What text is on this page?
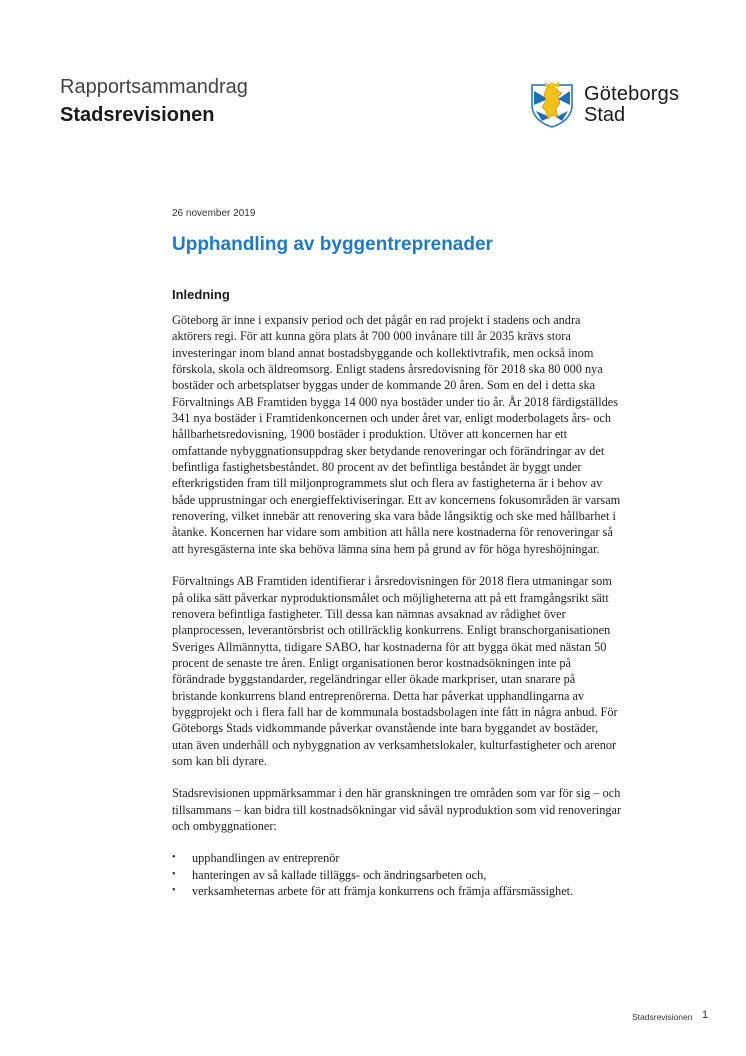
Rapportsammandrag
Stadsrevisionen
Göteborgs
Stad
26 november 2019
Upphandling av byggentreprenader
Inledning

Göteborg är inne i expansiv period och det pågår en rad projekt i stadens och andra aktörers regi. För att kunna göra plats åt 700 000 invånare till år 2035 krävs stora investeringar inom bland annat bostadsbyggande och kollektivtrafik, men också inom förskola, skola och äldreomsorg. Enligt stadens årsredovisning för 2018 ska 80 000 nya bostäder och arbetsplatser byggas under de kommande 20 åren. Som en del i detta ska Förvaltnings AB Framtiden bygga 14 000 nya bostäder under tio år. År 2018 färdigställdes 341 nya bostäder i Framtidenkoncernen och under året var, enligt moderbolagets års- och hållbarhetsredovisning, 1900 bostäder i produktion. Utöver att koncernen har ett omfattande nybyggnationsuppdrag sker betydande renoveringar och förändringar av det befintliga fastighetsbeståndet. 80 procent av det befintliga beståndet är byggt under efterkrigstiden fram till miljonprogrammets slut och flera av fastigheterna är i behov av både upprustningar och energieffektiviseringar. Ett av koncernens fokusområden är varsam renovering, vilket innebär att renovering ska vara både långsiktig och ske med hållbarhet i åtanke. Koncernen har vidare som ambition att hålla nere kostnaderna för renoveringar så att hyresgästerna inte ska behöva lämna sina hem på grund av för höga hyreshöjningar.

Förvaltnings AB Framtiden identifierar i årsredovisningen för 2018 flera utmaningar som på olika sätt påverkar nyproduktionsmålet och möjligheterna att på ett framgångsrikt sätt renovera befintliga fastigheter. Till dessa kan nämnas avsaknad av rådighet över planprocessen, leverantörsbrist och otillräcklig konkurrens. Enligt branschorganisationen Sveriges Allmännytta, tidigare SABO, har kostnaderna för att bygga ökat med nästan 50 procent de senaste tre åren. Enligt organisationen beror kostnadsökningen inte på förändrade byggstandarder, regeländringar eller ökade markpriser, utan snarare på bristande konkurrens bland entreprenörerna. Detta har påverkat upphandlingarna av byggprojekt och i flera fall har de kommunala bostadsbolagen inte fått in några anbud. För Göteborgs Stads vidkommande påverkar ovanstående inte bara byggandet av bostäder, utan även underhåll och nybyggnation av verksamhetslokaler, kulturfastigheter och arenor som kan bli dyrare.

Stadsrevisionen uppmärksammar i den här granskningen tre områden som var för sig – och tillsammans – kan bidra till kostnadsökningar vid såväl nyproduktion som vid renoveringar och ombyggnationer:

• upphandlingen av entreprenör
• hanteringen av så kallade tilläggs- och ändringsarbeten och,
• verksamheternas arbete för att främja konkurrens och främja affärsmässighet.
Stadsrevisionen 1
